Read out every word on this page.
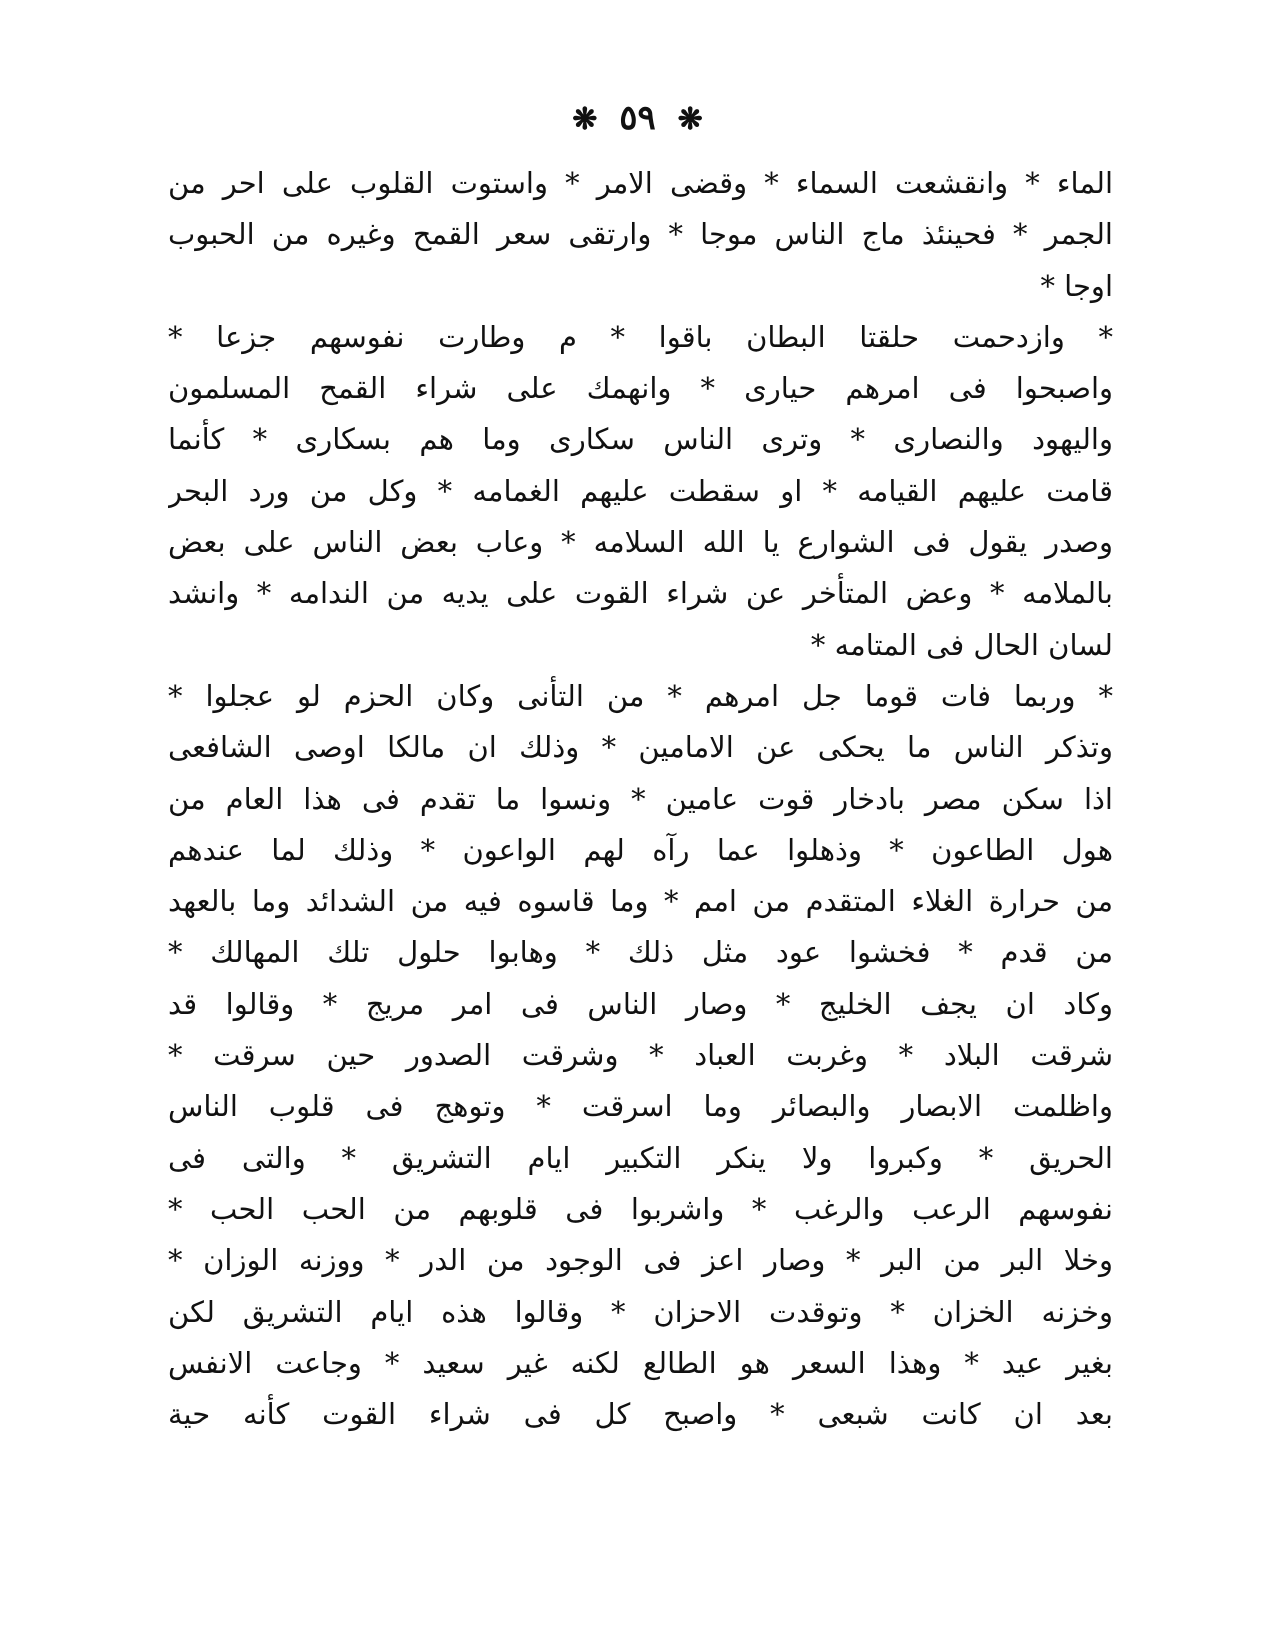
❋ ٥٩ ❋
الماء * وانقشعت السماء * وقضى الامر * واستوت القلوب على احر من
الجمر * فحينئذ ماج الناس موجا * وارتقى سعر القمح وغيره من الحبوب
اوجا *
* وازدحمت حلقتا البطان باقوا * م وطارت نفوسهم جزعا *
واصبحوا فى امرهم حيارى * وانهمك على شراء القمح المسلمون
واليهود والنصارى * وترى الناس سكارى وما هم بسكارى * كأنما
قامت عليهم القيامه * او سقطت عليهم الغمامه * وكل من ورد البحر
وصدر يقول فى الشوارع يا الله السلامه * وعاب بعض الناس على بعض
بالملامه * وعض المتأخر عن شراء القوت على يديه من الندامه * وانشد
لسان الحال فى المتامه *
* وربما فات قوما جل امرهم * من التأنى وكان الحزم لو عجلوا *
وتذكر الناس ما يحكى عن الامامين * وذلك ان مالكا اوصى الشافعى
اذا سكن مصر بادخار قوت عامين * ونسوا ما تقدم فى هذا العام من
هول الطاعون * وذهلوا عما رآه لهم الواعون * وذلك لما عندهم
من حرارة الغلاء المتقدم من امم * وما قاسوه فيه من الشدائد وما بالعهد
من قدم * فخشوا عود مثل ذلك * وهابوا حلول تلك المهالك *
وكاد ان يجف الخليج * وصار الناس فى امر مريج * وقالوا قد
شرقت البلاد * وغربت العباد * وشرقت الصدور حين سرقت *
واظلمت الابصار والبصائر وما اسرقت * وتوهج فى قلوب الناس
الحريق * وكبروا ولا ينكر التكبير ايام التشريق * والتى فى
نفوسهم الرعب والرغب * واشربوا فى قلوبهم من الحب الحب *
وخلا البر من البر * وصار اعز فى الوجود من الدر * ووزنه الوزان *
وخزنه الخزان * وتوقدت الاحزان * وقالوا هذه ايام التشريق لكن
بغير عيد * وهذا السعر هو الطالع لكنه غير سعيد * وجاعت الانفس
بعد ان كانت شبعى * واصبح كل فى شراء القوت كأنه حية
